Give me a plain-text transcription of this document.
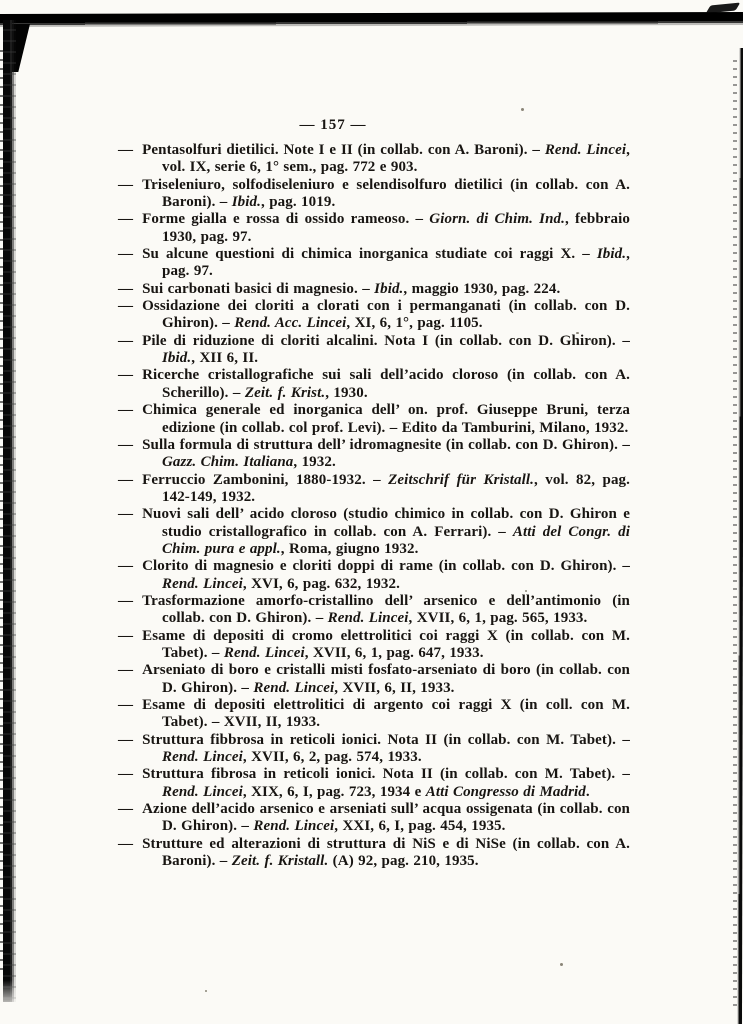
— 157 —
— Pentasolfuri dietilici. Note I e II (in collab. con A. Baroni). – Rend. Lincei, vol. IX, serie 6, 1° sem., pag. 772 e 903.
— Triseleniuro, solfodiseleniuro e selendisolfuro dietilici (in collab. con A. Baroni). – Ibid., pag. 1019.
— Forme gialla e rossa di ossido rameoso. – Giorn. di Chim. Ind., febbraio 1930, pag. 97.
— Su alcune questioni di chimica inorganica studiate coi raggi X. – Ibid., pag. 97.
— Sui carbonati basici di magnesio. – Ibid., maggio 1930, pag. 224.
— Ossidazione dei cloriti a clorati con i permanganati (in collab. con D. Ghiron). – Rend. Acc. Lincei, XI, 6, 1°, pag. 1105.
— Pile di riduzione di cloriti alcalini. Nota I (in collab. con D. Ghiron). – Ibid., XII 6, II.
— Ricerche cristallografiche sui sali dell’acido cloroso (in collab. con A. Scherillo). – Zeit. f. Krist., 1930.
— Chimica generale ed inorganica dell’ on. prof. Giuseppe Bruni, terza edizione (in collab. col prof. Levi). – Edito da Tamburini, Milano, 1932.
— Sulla formula di struttura dell’ idromagnesite (in collab. con D. Ghiron). – Gazz. Chim. Italiana, 1932.
— Ferruccio Zambonini, 1880-1932. – Zeitschrif für Kristall., vol. 82, pag. 142-149, 1932.
— Nuovi sali dell’ acido cloroso (studio chimico in collab. con D. Ghiron e studio cristallografico in collab. con A. Ferrari). – Atti del Congr. di Chim. pura e appl., Roma, giugno 1932.
— Clorito di magnesio e cloriti doppi di rame (in collab. con D. Ghiron). – Rend. Lincei, XVI, 6, pag. 632, 1932.
— Trasformazione amorfo-cristallino dell’ arsenico e dell’antimonio (in collab. con D. Ghiron). – Rend. Lincei, XVII, 6, 1, pag. 565, 1933.
— Esame di depositi di cromo elettrolitici coi raggi X (in collab. con M. Tabet). – Rend. Lincei, XVII, 6, 1, pag. 647, 1933.
— Arseniato di boro e cristalli misti fosfato-arseniato di boro (in collab. con D. Ghiron). – Rend. Lincei, XVII, 6, II, 1933.
— Esame di depositi elettrolitici di argento coi raggi X (in coll. con M. Tabet). – XVII, II, 1933.
— Struttura fibbrosa in reticoli ionici. Nota II (in collab. con M. Tabet). – Rend. Lincei, XVII, 6, 2, pag. 574, 1933.
— Struttura fibrosa in reticoli ionici. Nota II (in collab. con M. Tabet). – Rend. Lincei, XIX, 6, I, pag. 723, 1934 e Atti Congresso di Madrid.
— Azione dell’acido arsenico e arseniati sull’ acqua ossigenata (in collab. con D. Ghiron). – Rend. Lincei, XXI, 6, I, pag. 454, 1935.
— Strutture ed alterazioni di struttura di NiS e di NiSe (in collab. con A. Baroni). – Zeit. f. Kristall. (A) 92, pag. 210, 1935.
